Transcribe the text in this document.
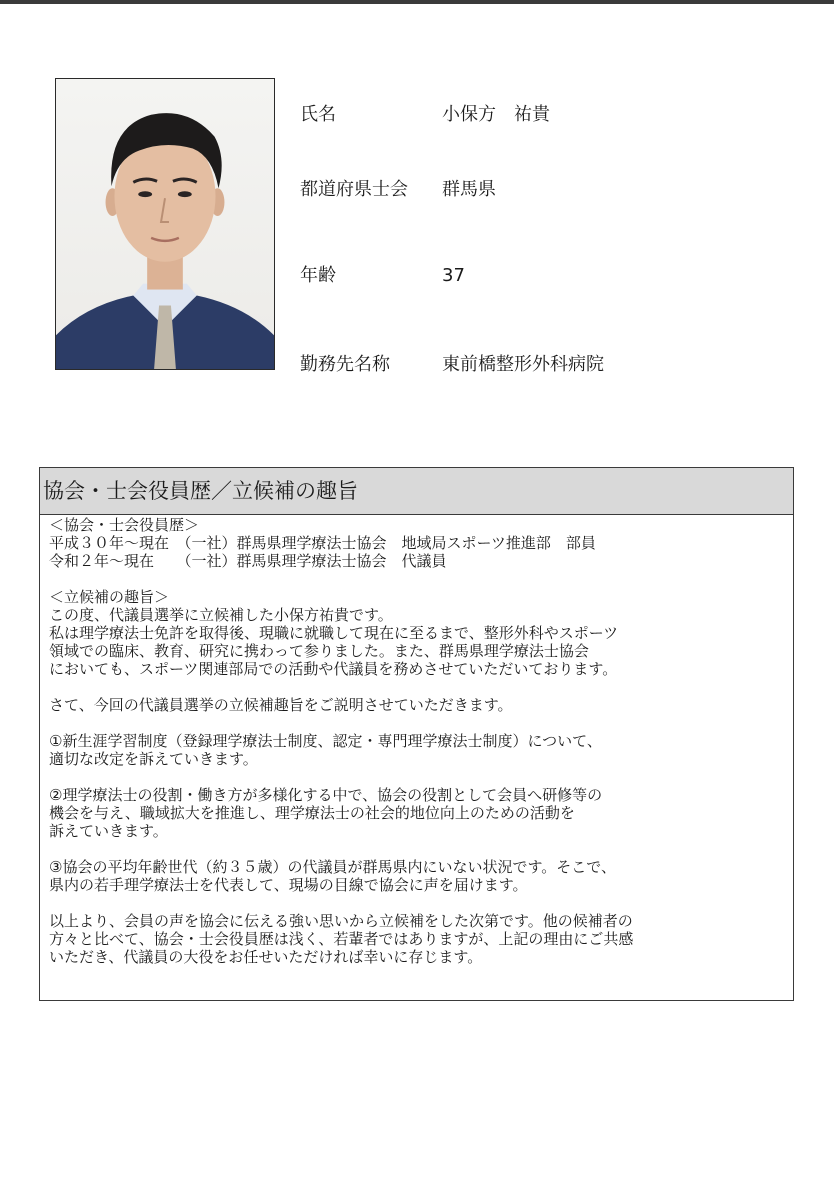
氏名	小保方　祐貴
都道府県士会 群馬県
年齢	37
勤務先名称	東前橋整形外科病院
協会・士会役員歴／立候補の趣旨
＜協会・士会役員歴＞
平成３０年～現在　（一社）群馬県理学療法士協会　地域局スポーツ推進部　部員
令和２年～現在　　（一社）群馬県理学療法士協会　代議員
＜立候補の趣旨＞
この度、代議員選挙に立候補した小保方祐貴です。
私は理学療法士免許を取得後、現職に就職して現在に至るまで、整形外科やスポーツ
領域での臨床、教育、研究に携わって参りました。また、群馬県理学療法士協会
においても、スポーツ関連部局での活動や代議員を務めさせていただいております。
さて、今回の代議員選挙の立候補趣旨をご説明させていただきます。
①新生涯学習制度（登録理学療法士制度、認定・専門理学療法士制度）について、
適切な改定を訴えていきます。
②理学療法士の役割・働き方が多様化する中で、協会の役割として会員へ研修等の
機会を与え、職域拡大を推進し、理学療法士の社会的地位向上のための活動を
訴えていきます。
③協会の平均年齢世代（約３５歳）の代議員が群馬県内にいない状況です。そこで、
県内の若手理学療法士を代表して、現場の目線で協会に声を届けます。
以上より、会員の声を協会に伝える強い思いから立候補をした次第です。他の候補者の
方々と比べて、協会・士会役員歴は浅く、若輩者ではありますが、上記の理由にご共感
いただき、代議員の大役をお任せいただければ幸いに存じます。
